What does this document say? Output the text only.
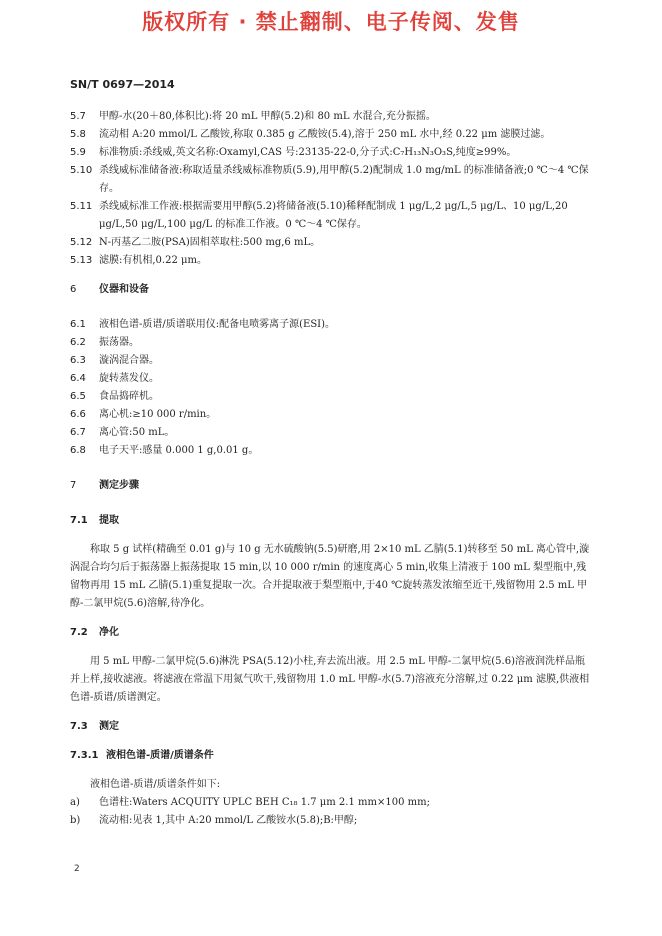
版权所有 · 禁止翻制、电子传阅、发售
SN/T 0697—2014
5.7 甲醇-水(20＋80,体积比):将 20 mL 甲醇(5.2)和 80 mL 水混合,充分振摇。
5.8 流动相 A:20 mmol/L 乙酸铵,称取 0.385 g 乙酸铵(5.4),溶于 250 mL 水中,经 0.22 μm 滤膜过滤。
5.9 标准物质:杀线威,英文名称:Oxamyl,CAS 号:23135-22-0,分子式:C₇H₁₃N₃O₃S,纯度≥99%。
5.10 杀线威标准储备液:称取适量杀线威标准物质(5.9),用甲醇(5.2)配制成 1.0 mg/mL 的标准储备液;0 ℃～4 ℃保存。
5.11 杀线威标准工作液:根据需要用甲醇(5.2)将储备液(5.10)稀释配制成 1 μg/L,2 μg/L,5 μg/L、10 μg/L,20 μg/L,50 μg/L,100 μg/L 的标准工作液。0 ℃～4 ℃保存。
5.12 N-丙基乙二胺(PSA)固相萃取柱:500 mg,6 mL。
5.13 滤膜:有机相,0.22 μm。
6 仪器和设备
6.1 液相色谱-质谱/质谱联用仪:配备电喷雾离子源(ESI)。
6.2 振荡器。
6.3 漩涡混合器。
6.4 旋转蒸发仪。
6.5 食品捣碎机。
6.6 离心机:≥10 000 r/min。
6.7 离心管:50 mL。
6.8 电子天平:感量 0.000 1 g,0.01 g。
7 测定步骤
7.1 提取
称取 5 g 试样(精确至 0.01 g)与 10 g 无水硫酸钠(5.5)研磨,用 2×10 mL 乙腈(5.1)转移至 50 mL 离心管中,漩涡混合均匀后于振荡器上振荡提取 15 min,以 10 000 r/min 的速度离心 5 min,收集上清液于 100 mL 梨型瓶中,残留物再用 15 mL 乙腈(5.1)重复提取一次。合并提取液于梨型瓶中,于40 ℃旋转蒸发浓缩至近干,残留物用 2.5 mL 甲醇-二氯甲烷(5.6)溶解,待净化。
7.2 净化
用 5 mL 甲醇-二氯甲烷(5.6)淋洗 PSA(5.12)小柱,弃去流出液。用 2.5 mL 甲醇-二氯甲烷(5.6)溶液润洗样品瓶并上样,接收滤液。将滤液在常温下用氮气吹干,残留物用 1.0 mL 甲醇-水(5.7)溶液充分溶解,过 0.22 μm 滤膜,供液相色谱-质谱/质谱测定。
7.3 测定
7.3.1 液相色谱-质谱/质谱条件
液相色谱-质谱/质谱条件如下:
a) 色谱柱:Waters ACQUITY UPLC BEH C₁₈ 1.7 μm 2.1 mm×100 mm;
b) 流动相:见表 1,其中 A:20 mmol/L 乙酸铵水(5.8);B:甲醇;
2
